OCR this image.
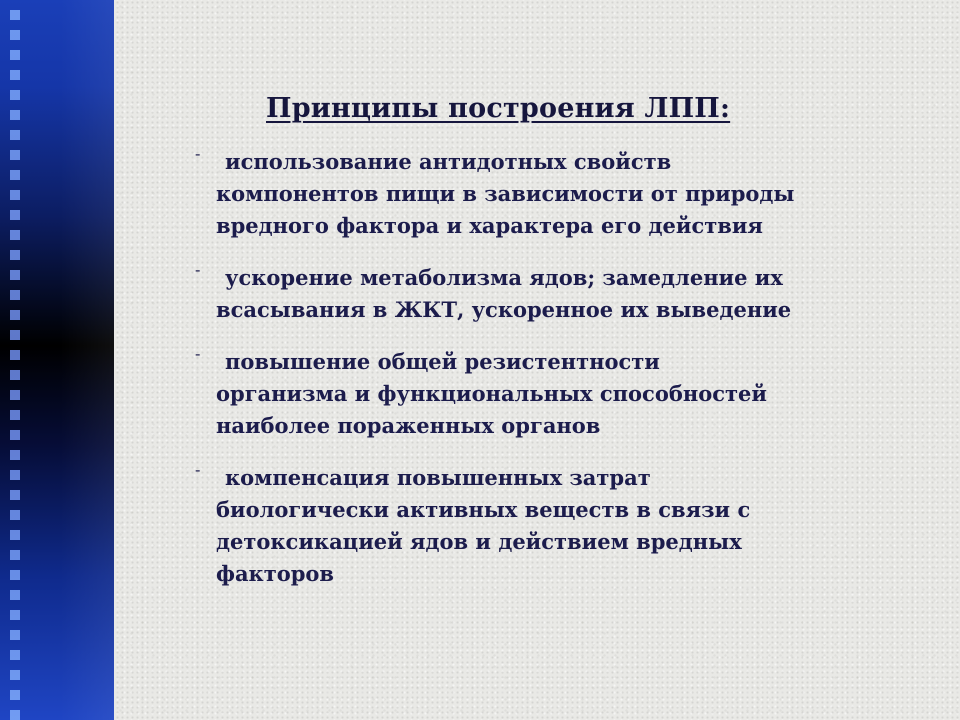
Принципы построения ЛПП:
-	использование антидотных свойств компонентов пищи в зависимости от природы вредного фактора и характера его действия
-	ускорение метаболизма ядов; замедление их всасывания в ЖКТ, ускоренное их выведение
-	повышение общей резистентности организма и функциональных способностей наиболее пораженных органов
-	компенсация повышенных затрат биологически активных веществ в связи с детоксикацией ядов и действием вредных факторов
